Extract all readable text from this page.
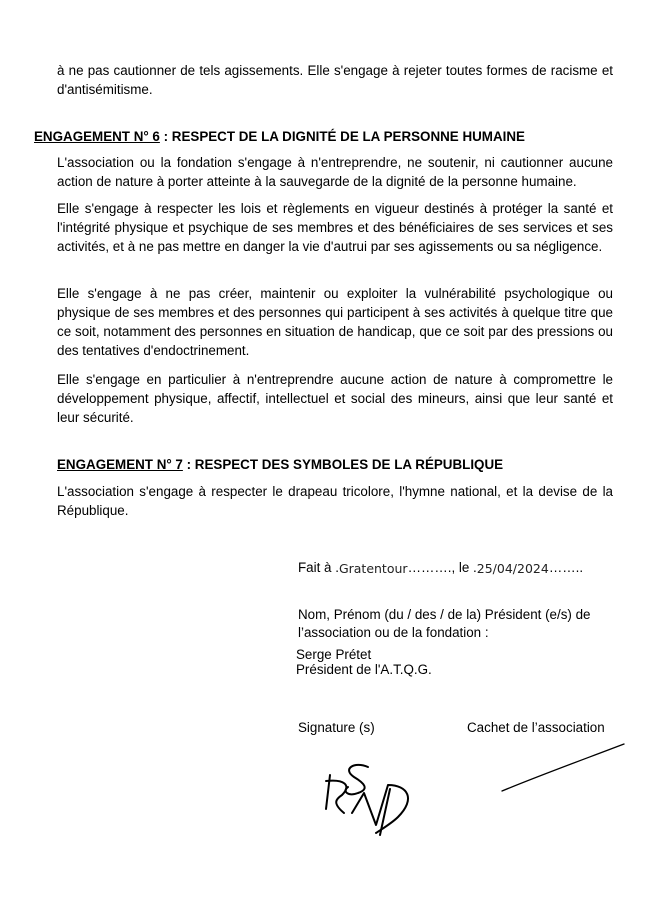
à ne pas cautionner de tels agissements. Elle s'engage à rejeter toutes formes de racisme et d'antisémitisme.

ENGAGEMENT N° 6 : RESPECT DE LA DIGNITÉ DE LA PERSONNE HUMAINE

L'association ou la fondation s'engage à n'entreprendre, ne soutenir, ni cautionner aucune action de nature à porter atteinte à la sauvegarde de la dignité de la personne humaine.

Elle s'engage à respecter les lois et règlements en vigueur destinés à protéger la santé et l'intégrité physique et psychique de ses membres et des bénéficiaires de ses services et ses activités, et à ne pas mettre en danger la vie d'autrui par ses agissements ou sa négligence.

Elle s'engage à ne pas créer, maintenir ou exploiter la vulnérabilité psychologique ou physique de ses membres et des personnes qui participent à ses activités à quelque titre que ce soit, notamment des personnes en situation de handicap, que ce soit par des pressions ou des tentatives d'endoctrinement.

Elle s'engage en particulier à n'entreprendre aucune action de nature à compromettre le développement physique, affectif, intellectuel et social des mineurs, ainsi que leur santé et leur sécurité.

ENGAGEMENT N° 7 : RESPECT DES SYMBOLES DE LA RÉPUBLIQUE

L'association s'engage à respecter le drapeau tricolore, l'hymne national, et la devise de la République.

Fait à .Gratentour………., le .25/04/2024……..
Nom, Prénom (du / des / de la) Président (e/s) de
l’association ou de la fondation :
Serge Prétet
Président de l'A.T.Q.G.
Signature (s)	Cachet de l’association
